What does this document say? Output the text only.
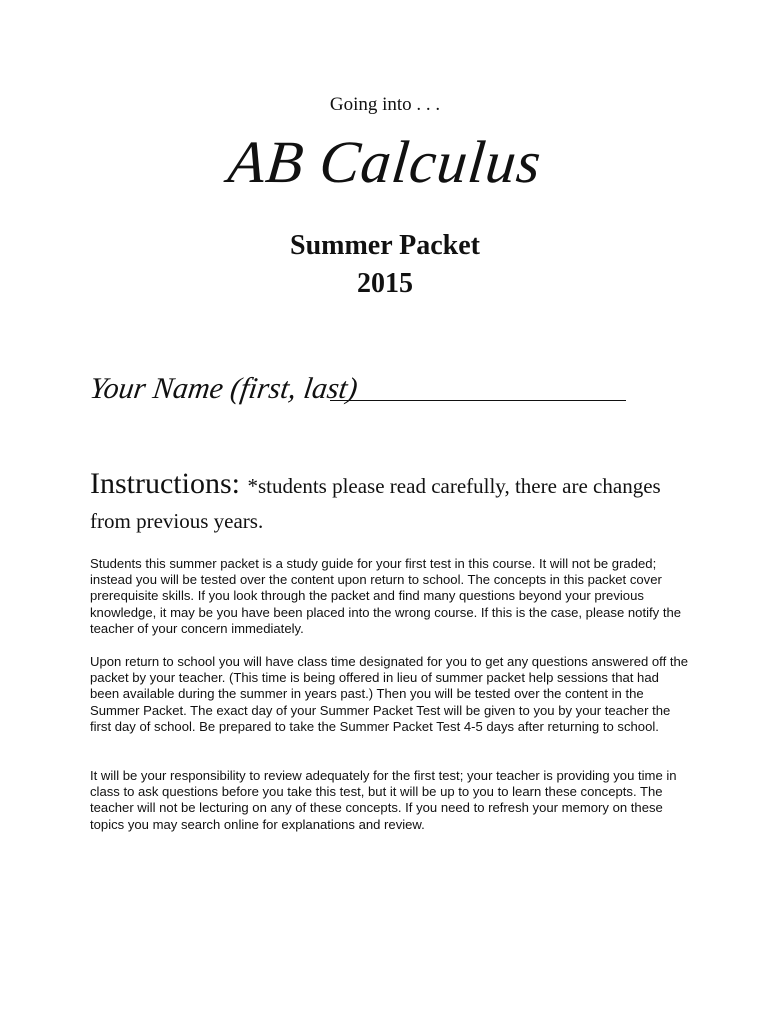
Going into . . .
AB Calculus
Summer Packet
2015
Your Name (first, last)
Instructions: *students please read carefully, there are changes from previous years.
Students this summer packet is a study guide for your first test in this course. It will not be graded; instead you will be tested over the content upon return to school. The concepts in this packet cover prerequisite skills. If you look through the packet and find many questions beyond your previous knowledge, it may be you have been placed into the wrong course. If this is the case, please notify the teacher of your concern immediately.
Upon return to school you will have class time designated for you to get any questions answered off the packet by your teacher. (This time is being offered in lieu of summer packet help sessions that had been available during the summer in years past.) Then you will be tested over the content in the Summer Packet. The exact day of your Summer Packet Test will be given to you by your teacher the first day of school. Be prepared to take the Summer Packet Test 4-5 days after returning to school.
It will be your responsibility to review adequately for the first test; your teacher is providing you time in class to ask questions before you take this test, but it will be up to you to learn these concepts. The teacher will not be lecturing on any of these concepts. If you need to refresh your memory on these topics you may search online for explanations and review.
